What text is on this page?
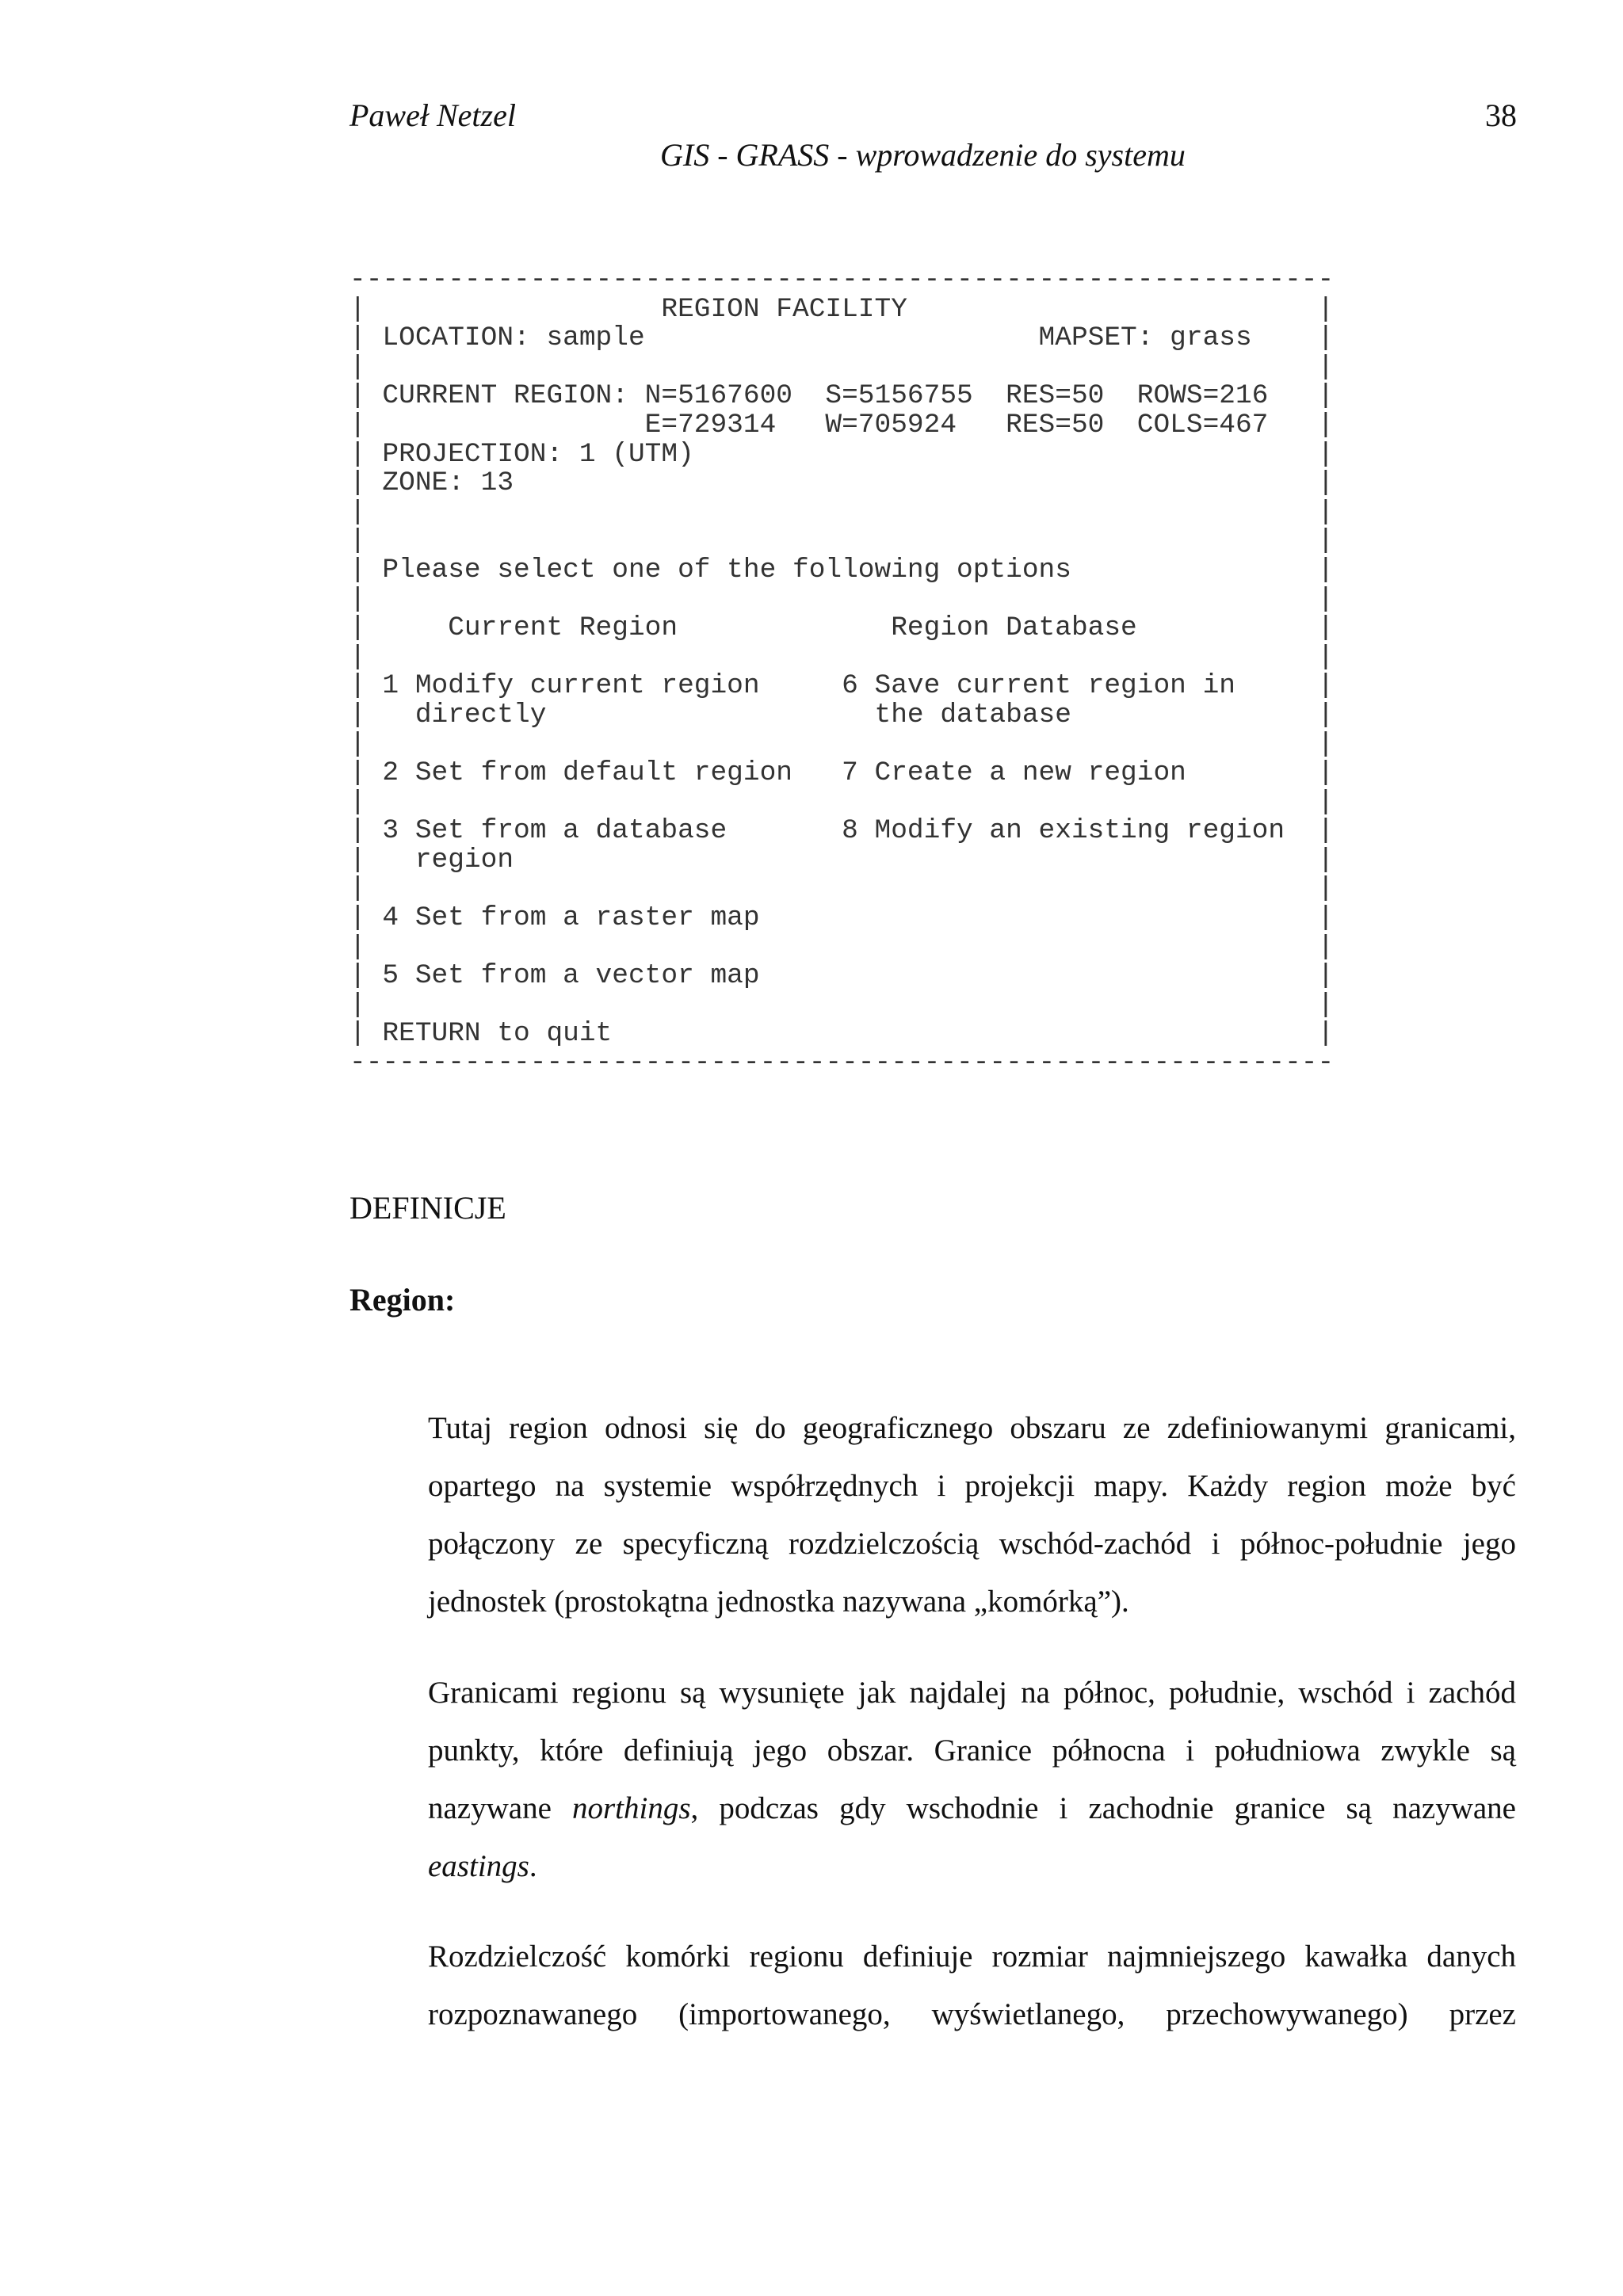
Paweł Netzel	38
GIS - GRASS - wprowadzenie do systemu
------------------------------------------------------------
|                  REGION FACILITY                         |
| LOCATION: sample                        MAPSET: grass    |
|                                                          |
| CURRENT REGION: N=5167600  S=5156755  RES=50  ROWS=216   |
|                 E=729314   W=705924   RES=50  COLS=467   |
| PROJECTION: 1 (UTM)                                      |
| ZONE: 13                                                 |
|                                                          |
|                                                          |
| Please select one of the following options               |
|                                                          |
|     Current Region             Region Database           |
|                                                          |
| 1 Modify current region     6 Save current region in     |
|   directly                    the database               |
|                                                          |
| 2 Set from default region   7 Create a new region        |
|                                                          |
| 3 Set from a database       8 Modify an existing region  |
|   region                                                 |
|                                                          |
| 4 Set from a raster map                                  |
|                                                          |
| 5 Set from a vector map                                  |
|                                                          |
| RETURN to quit                                           |
------------------------------------------------------------
DEFINICJE
Region:

Tutaj region odnosi się do geograficznego obszaru ze zdefiniowanymi granicami, opartego na systemie współrzędnych i projekcji mapy. Każdy region może być połączony ze specyficzną rozdzielczością wschód-zachód i północ-południe jego jednostek (prostokątna jednostka nazywana „komórką”).

Granicami regionu są wysunięte jak najdalej na północ, południe, wschód i zachód punkty, które definiują jego obszar. Granice północna i południowa zwykle są nazywane northings, podczas gdy wschodnie i zachodnie granice są nazywane eastings.

Rozdzielczość komórki regionu definiuje rozmiar najmniejszego kawałka danych rozpoznawanego (importowanego, wyświetlanego, przechowywanego) przez
